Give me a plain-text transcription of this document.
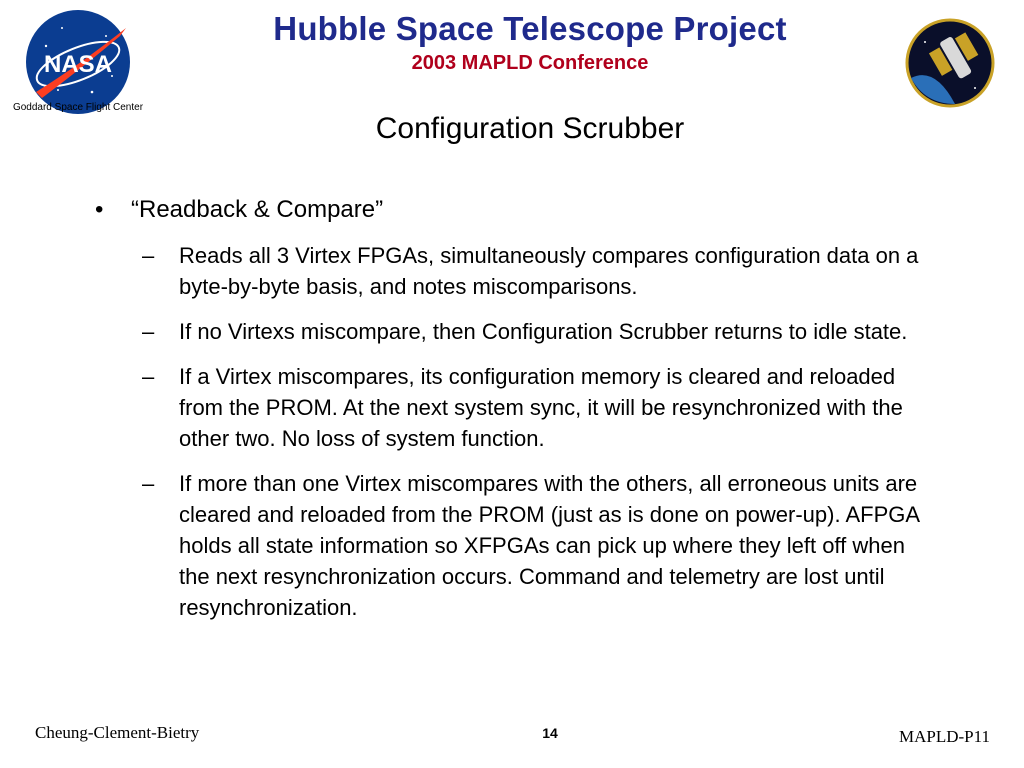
NASA
Goddard Space Flight Center
Hubble Space Telescope Project
2003 MAPLD Conference
Configuration Scrubber
• “Readback & Compare”
– Reads all 3 Virtex FPGAs, simultaneously compares configuration data on a byte-by-byte basis, and notes miscomparisons.
– If no Virtexs miscompare, then Configuration Scrubber returns to idle state.
– If a Virtex miscompares, its configuration memory is cleared and reloaded from the PROM. At the next system sync, it will be resynchronized with the other two. No loss of system function.
– If more than one Virtex miscompares with the others, all erroneous units are cleared and reloaded from the PROM (just as is done on power-up). AFPGA holds all state information so XFPGAs can pick up where they left off when the next resynchronization occurs. Command and telemetry are lost until resynchronization.
Cheung-Clement-Bietry	14	MAPLD-P11
